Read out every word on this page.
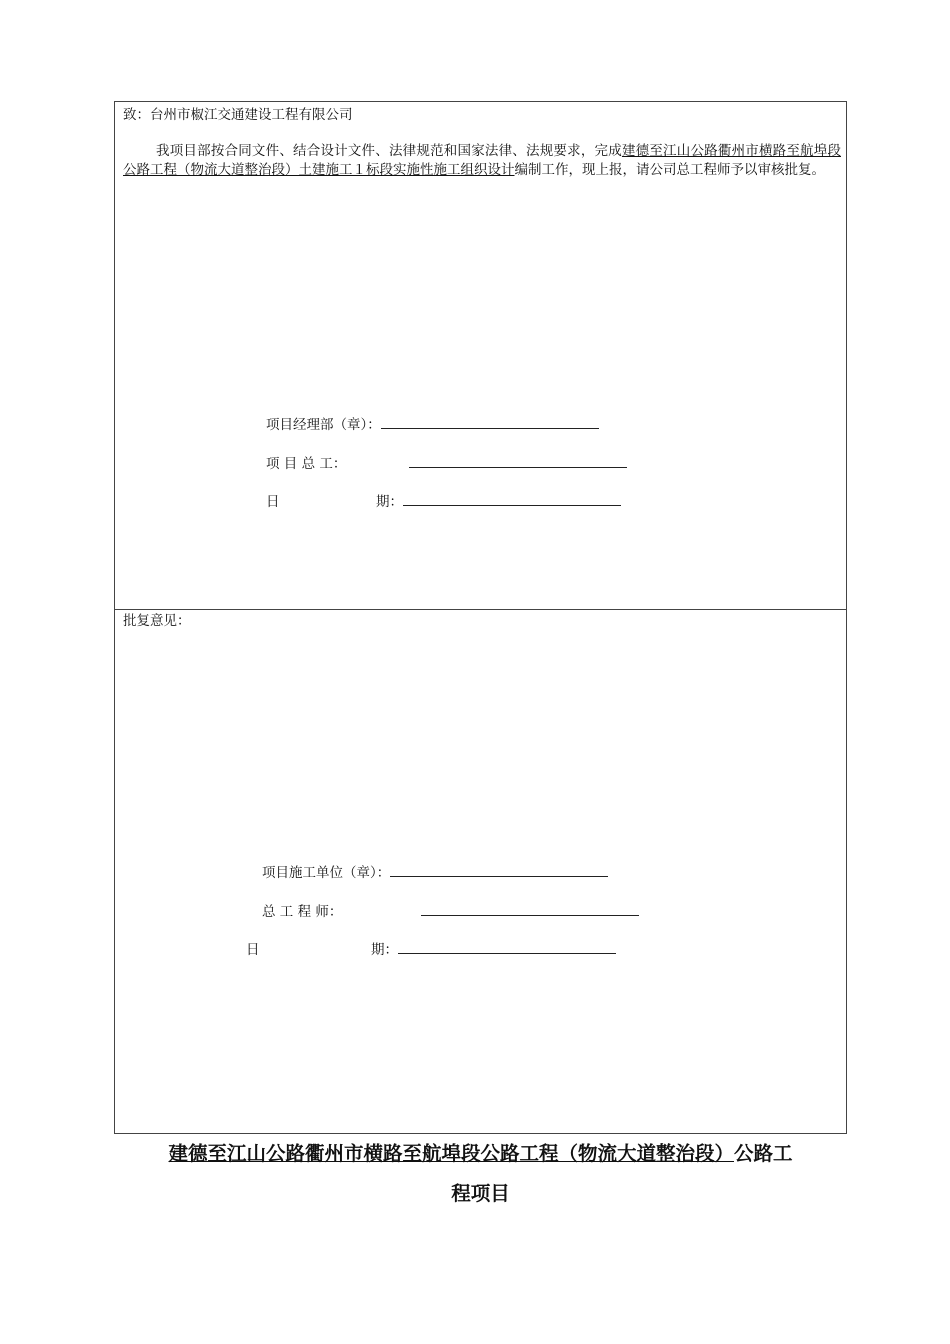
致：台州市椒江交通建设工程有限公司
我项目部按合同文件、结合设计文件、法律规范和国家法律、法规要求，完成建德至江山公路衢州市横路至航埠段公路工程（物流大道整治段）土建施工１标段实施性施工组织设计编制工作，现上报，请公司总工程师予以审核批复。
项目经理部（章）：
项 目 总 工：
日	期：
批复意见：
项目施工单位（章）：
总 工 程 师：
日	期：
建德至江山公路衢州市横路至航埠段公路工程（物流大道整治段）公路工
程项目
